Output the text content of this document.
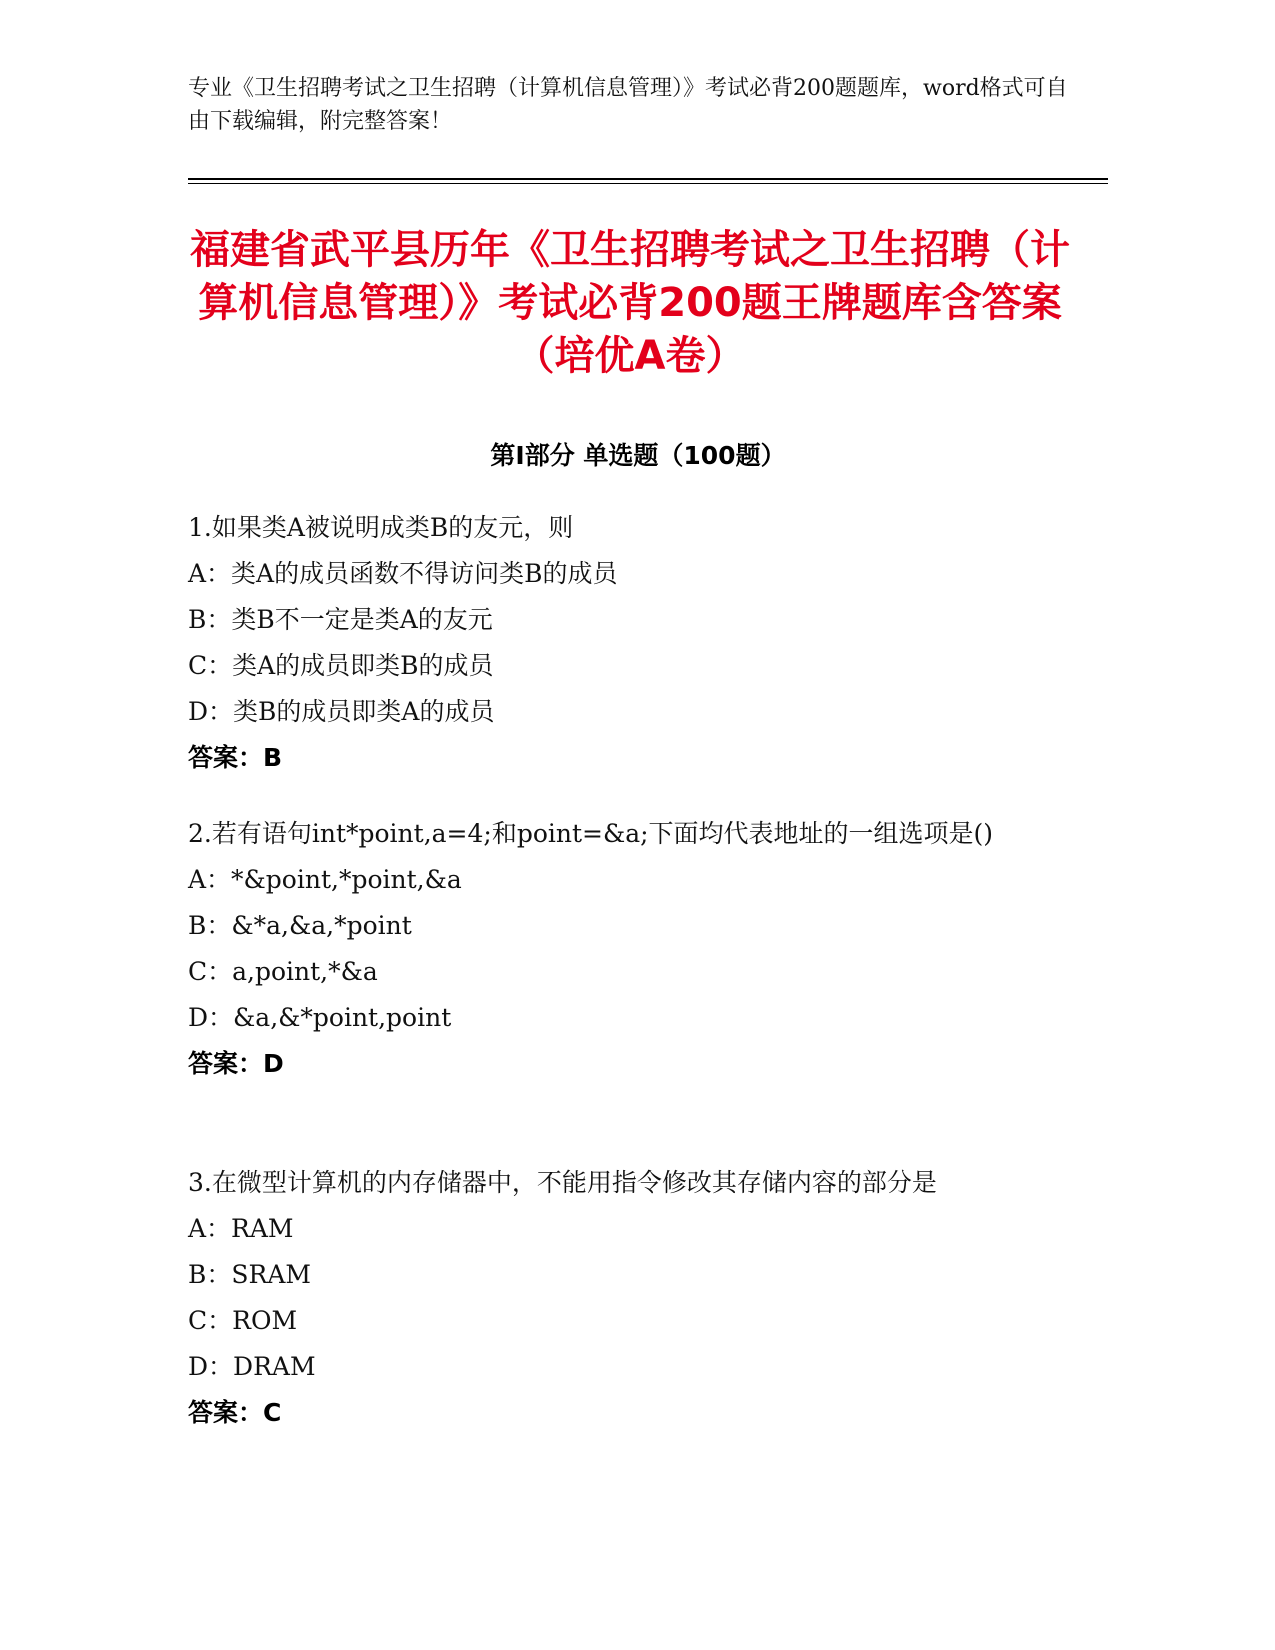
专业《卫生招聘考试之卫生招聘（计算机信息管理）》考试必背200题题库，word格式可自由下载编辑，附完整答案！
福建省武平县历年《卫生招聘考试之卫生招聘（计算机信息管理）》考试必背200题王牌题库含答案（培优A卷）
第Ⅰ部分 单选题（100题）

1.如果类A被说明成类B的友元，则

A：类A的成员函数不得访问类B的成员

B：类B不一定是类A的友元

C：类A的成员即类B的成员

D：类B的成员即类A的成员

答案：B

2.若有语句int*point,a=4;和point=&a;下面均代表地址的一组选项是()

A：*&point,*point,&a

B：&*a,&a,*point

C：a,point,*&a

D：&a,&*point,point

答案：D

3.在微型计算机的内存储器中，不能用指令修改其存储内容的部分是

A：RAM

B：SRAM

C：ROM

D：DRAM

答案：C
